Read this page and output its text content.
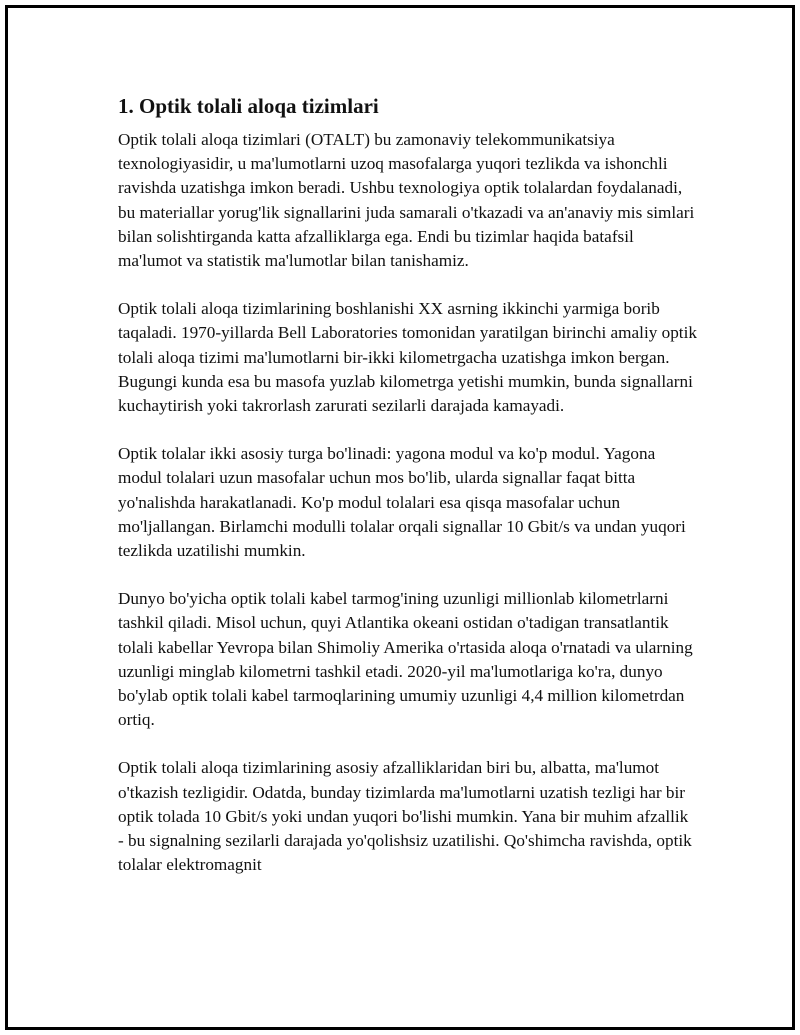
1. Optik tolali aloqa tizimlari

Optik tolali aloqa tizimlari (OTALT) bu zamonaviy telekommunikatsiya texnologiyasidir, u ma'lumotlarni uzoq masofalarga yuqori tezlikda va ishonchli ravishda uzatishga imkon beradi. Ushbu texnologiya optik tolalardan foydalanadi, bu materiallar yorug'lik signallarini juda samarali o'tkazadi va an'anaviy mis simlari bilan solishtirganda katta afzalliklarga ega. Endi bu tizimlar haqida batafsil ma'lumot va statistik ma'lumotlar bilan tanishamiz.

Optik tolali aloqa tizimlarining boshlanishi XX asrning ikkinchi yarmiga borib taqaladi. 1970-yillarda Bell Laboratories tomonidan yaratilgan birinchi amaliy optik tolali aloqa tizimi ma'lumotlarni bir-ikki kilometrgacha uzatishga imkon bergan. Bugungi kunda esa bu masofa yuzlab kilometrga yetishi mumkin, bunda signallarni kuchaytirish yoki takrorlash zarurati sezilarli darajada kamayadi.

Optik tolalar ikki asosiy turga bo'linadi: yagona modul va ko'p modul. Yagona modul tolalari uzun masofalar uchun mos bo'lib, ularda signallar faqat bitta yo'nalishda harakatlanadi. Ko'p modul tolalari esa qisqa masofalar uchun mo'ljallangan. Birlamchi modulli tolalar orqali signallar 10 Gbit/s va undan yuqori tezlikda uzatilishi mumkin.

Dunyo bo'yicha optik tolali kabel tarmog'ining uzunligi millionlab kilometrlarni tashkil qiladi. Misol uchun, quyi Atlantika okeani ostidan o'tadigan transatlantik tolali kabellar Yevropa bilan Shimoliy Amerika o'rtasida aloqa o'rnatadi va ularning uzunligi minglab kilometrni tashkil etadi. 2020-yil ma'lumotlariga ko'ra, dunyo bo'ylab optik tolali kabel tarmoqlarining umumiy uzunligi 4,4 million kilometrdan ortiq.

Optik tolali aloqa tizimlarining asosiy afzalliklaridan biri bu, albatta, ma'lumot o'tkazish tezligidir. Odatda, bunday tizimlarda ma'lumotlarni uzatish tezligi har bir optik tolada 10 Gbit/s yoki undan yuqori bo'lishi mumkin. Yana bir muhim afzallik - bu signalning sezilarli darajada yo'qolishsiz uzatilishi. Qo'shimcha ravishda, optik tolalar elektromagnit
